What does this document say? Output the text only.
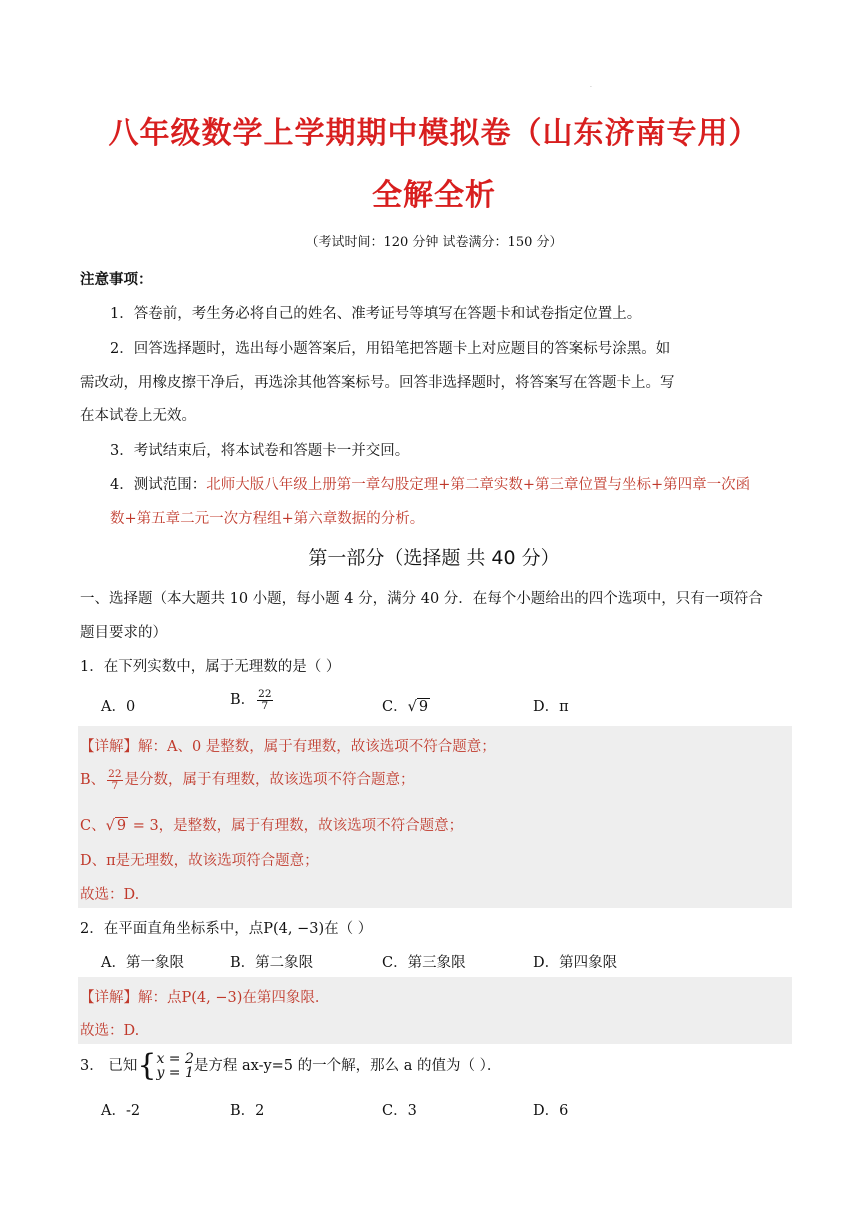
·
八年级数学上学期期中模拟卷（山东济南专用）
全解全析
（考试时间：120 分钟 试卷满分：150 分）
注意事项：
1．答卷前，考生务必将自己的姓名、准考证号等填写在答题卡和试卷指定位置上。
2．回答选择题时，选出每小题答案后，用铅笔把答题卡上对应题目的答案标号涂黑。如
需改动，用橡皮擦干净后，再选涂其他答案标号。回答非选择题时，将答案写在答题卡上。写
在本试卷上无效。
3．考试结束后，将本试卷和答题卡一并交回。
4．测试范围：北师大版八年级上册第一章勾股定理+第二章实数+第三章位置与坐标+第四章一次函
数+第五章二元一次方程组+第六章数据的分析。
第一部分（选择题 共 40 分）
一、选择题（本大题共 10 小题，每小题 4 分，满分 40 分．在每个小题给出的四个选项中，只有一项符合
题目要求的）
1．在下列实数中，属于无理数的是（ ）
A．0	B． $\frac{22}{7}$	C．√ 9	D．π
【详解】解：A、0 是整数，属于有理数，故该选项不符合题意；
B、 $\frac{22}{7}$ 是分数，属于有理数，故该选项不符合题意；
C、√ 9 = 3，是整数，属于有理数，故该选项不符合题意；
D、π是无理数，故该选项符合题意；
故选：D.
2．在平面直角坐标系中，点P(4, −3)在（ ）
A．第一象限	B．第二象限	C．第三象限	D．第四象限
【详解】解：点P(4, −3)在第四象限．
故选：D.
3． 已知 { x = 2
y = 1 是方程 ax-y=5 的一个解，那么 a 的值为（ ）．
A．-2	B．2	C．3	D．6
